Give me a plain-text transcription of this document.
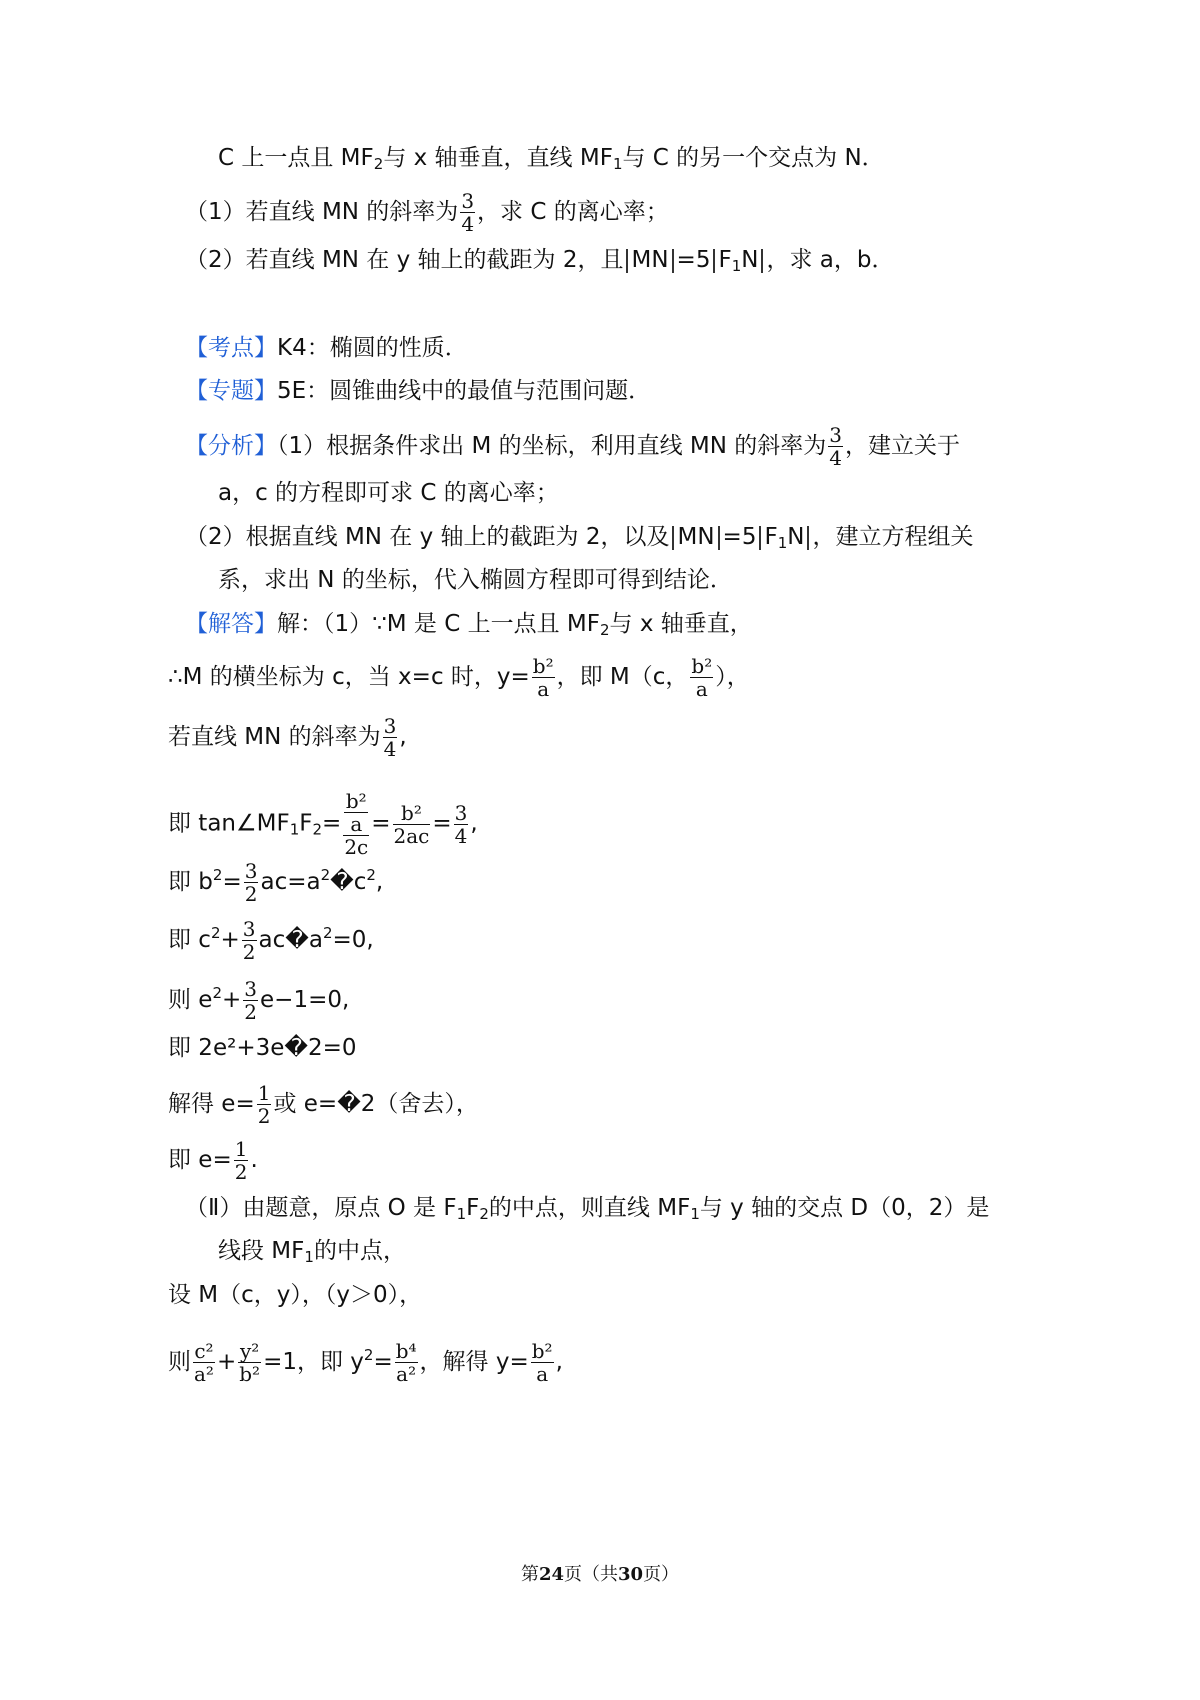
C 上一点且 $MF_2$与 x 轴垂直，直线 $MF_1$与 C 的另一个交点为 N．
（1）若直线 MN 的斜率为 $\frac{3}{4}$ ，求 C 的离心率；
（2）若直线 MN 在 y 轴上的截距为 2，且 MN =5 $F_1N$ ，求 a，b．
【考点】K4：椭圆的性质．
【专题】5E：圆锥曲线中的最值与范围问题．
【分析】（1）根据条件求出 M 的坐标，利用直线 MN 的斜率为 $\frac{3}{4}$ ，建立关于
a，c 的方程即可求 C 的离心率；
（2）根据直线 MN 在 y 轴上的截距为 2，以及 MN =5 $F_1N$ ，建立方程组关
系，求出 N 的坐标，代入椭圆方程即可得到结论．
【解答】解：（1）∵M 是 C 上一点且 $MF_2$与 x 轴垂直，
∴M 的横坐标为 c，当 x=c 时，$y= \frac{\text{b²}}{a}$ ，即 M（c， $\frac{\text{b²}}{a}$ ），
若直线 MN 的斜率为 $\frac{3}{4}$ ,
即 $\tan\angle MF_1F_2= b^2$
a
$2c = \frac{\text{b²}}{2ac} = \frac{3}{4}$ ,
即 $b^2= \frac{3}{2}$ $ac=a^2�c^2$,
即 $c^2+ \frac{3}{2}$ $ac�a^2=0$,
则 $e^2+ \frac{3}{2} e-1=0$,
即 2e²+3e�2=0
解得 $e= \frac{1}{2}$ 或 e=�2（舍去），
即 $e= \frac{1}{2}$ .
（Ⅱ）由题意，原点 O 是 $F_1F_2$的中点，则直线 $MF_1$与 y 轴的交点 D（0，2）是
线段 $MF_1$的中点，
设 M（c，y），（y＞0），
则 $\frac{\text{c²}}{\text{a²}} + \frac{\text{y²}}{\text{b²}} =1$，即 $y^2= \frac{\text{b⁴}}{\text{a²}}$ ，解得 $y= \frac{\text{b²}}{a}$ ,
第24页（共30页）
